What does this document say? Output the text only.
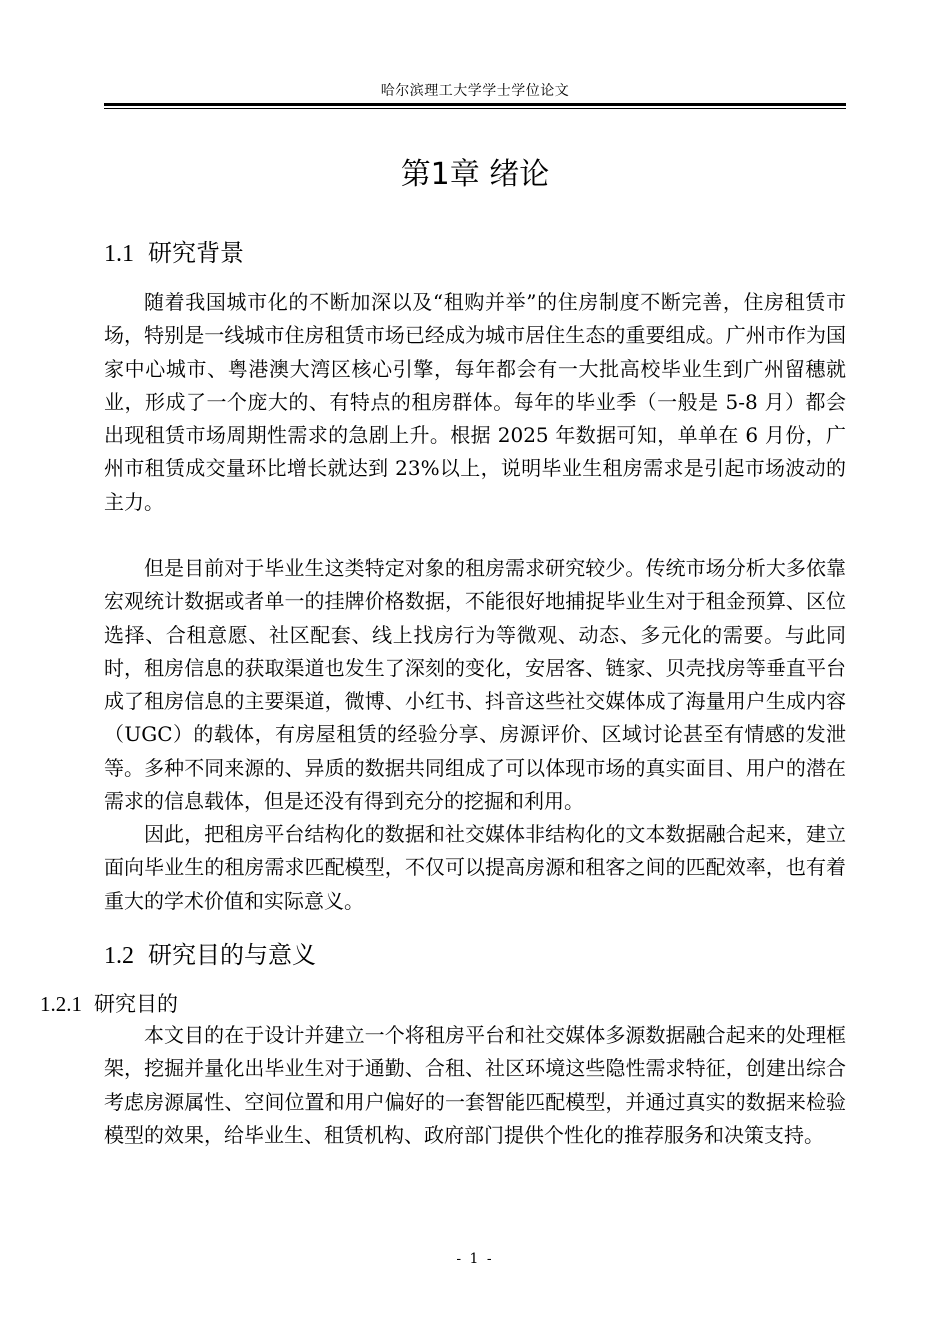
哈尔滨理工大学学士学位论文
第1章 绪论
1.1 研究背景

随着我国城市化的不断加深以及“租购并举”的住房制度不断完善，住房租赁市场，特别是一线城市住房租赁市场已经成为城市居住生态的重要组成。广州市作为国家中心城市、粤港澳大湾区核心引擎，每年都会有一大批高校毕业生到广州留穗就业，形成了一个庞大的、有特点的租房群体。每年的毕业季（一般是 5-8 月）都会出现租赁市场周期性需求的急剧上升。根据 2025 年数据可知，单单在 6 月份，广州市租赁成交量环比增长就达到 23%以上，说明毕业生租房需求是引起市场波动的主力。

但是目前对于毕业生这类特定对象的租房需求研究较少。传统市场分析大多依靠宏观统计数据或者单一的挂牌价格数据，不能很好地捕捉毕业生对于租金预算、区位选择、合租意愿、社区配套、线上找房行为等微观、动态、多元化的需要。与此同时，租房信息的获取渠道也发生了深刻的变化，安居客、链家、贝壳找房等垂直平台成了租房信息的主要渠道，微博、小红书、抖音这些社交媒体成了海量用户生成内容（UGC）的载体，有房屋租赁的经验分享、房源评价、区域讨论甚至有情感的发泄等。多种不同来源的、异质的数据共同组成了可以体现市场的真实面目、用户的潜在需求的信息载体，但是还没有得到充分的挖掘和利用。

因此，把租房平台结构化的数据和社交媒体非结构化的文本数据融合起来，建立面向毕业生的租房需求匹配模型，不仅可以提高房源和租客之间的匹配效率，也有着重大的学术价值和实际意义。

1.2 研究目的与意义
1.2.1 研究目的

本文目的在于设计并建立一个将租房平台和社交媒体多源数据融合起来的处理框架，挖掘并量化出毕业生对于通勤、合租、社区环境这些隐性需求特征，创建出综合考虑房源属性、空间位置和用户偏好的一套智能匹配模型，并通过真实的数据来检验模型的效果，给毕业生、租赁机构、政府部门提供个性化的推荐服务和决策支持。

- 1 -
